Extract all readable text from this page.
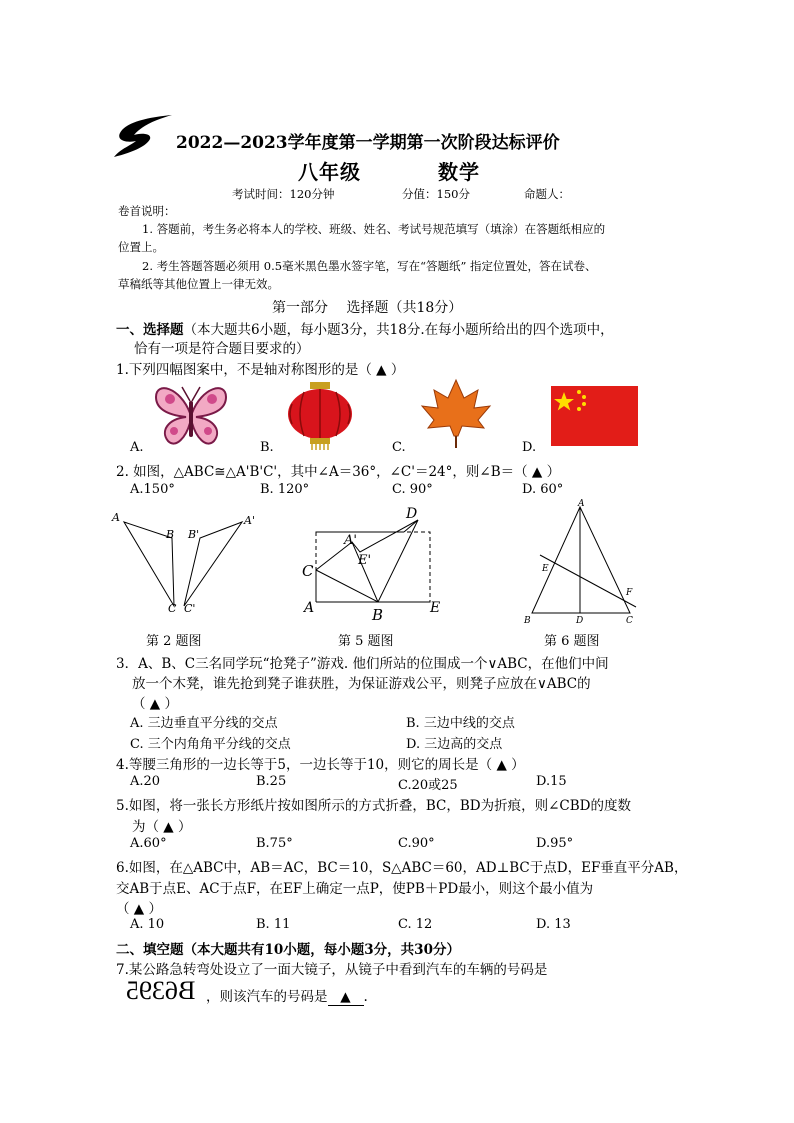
2022—2023学年度第一学期第一次阶段达标评价
八年级	数学
考试时间：120分钟	分值：150分	命题人：
卷首说明：
1. 答题前，考生务必将本人的学校、班级、姓名、考试号规范填写（填涂）在答题纸相应的
位置上。
2. 考生答题答题必须用 0.5毫米黑色墨水签字笔，写在“答题纸” 指定位置处，答在试卷、
草稿纸等其他位置上一律无效。
第一部分　 选择题（共18分）
一、选择题（本大题共6小题，每小题3分，共18分.在每小题所给出的四个选项中，
恰有一项是符合题目要求的）
1.下列四幅图案中，不是轴对称图形的是（ ▲ ）
A.	B.	C.	D.
2. 如图，△ABC≅△A'B'C'，其中∠A＝36°，∠C'＝24°，则∠B＝（ ▲ ）
A.150°	B. 120°	C. 90°	D. 60°
A
B
C
B'
A'
C'
D
A'
E'
C
A	B	E
A
E
F
B	D	C
第 2 题图	第 5 题图	第 6 题图
3．A、B、C三名同学玩“抢凳子”游戏. 他们所站的位围成一个∨ABC，在他们中间
放一个木凳，谁先抢到凳子谁获胜，为保证游戏公平，则凳子应放在∨ABC的
（ ▲ ）
A. 三边垂直平分线的交点	B. 三边中线的交点
C. 三个内角角平分线的交点	D. 三边高的交点
4.等腰三角形的一边长等于5，一边长等于10，则它的周长是（ ▲ ）
A.20	B.25	C.20或25	D.15
5.如图，将一张长方形纸片按如图所示的方式折叠，BC，BD为折痕，则∠CBD的度数
为（ ▲ ）
A.60°	B.75°	C.90°	D.95°
6.如图，在△ABC中，AB＝AC，BC＝10，S△ABC＝60，AD⊥BC于点D，EF垂直平分AB，
交AB于点E、AC于点F，在EF上确定一点P，使PB＋PD最小，则这个最小值为
（ ▲ ）
A. 10	B. 11	C. 12	D. 13
二、填空题（本大题共有10小题，每小题3分，共30分）
7.某公路急转弯处设立了一面大镜子，从镜子中看到汽车的车辆的号码是
B6395 ，则该汽车的号码是 ▲ .
